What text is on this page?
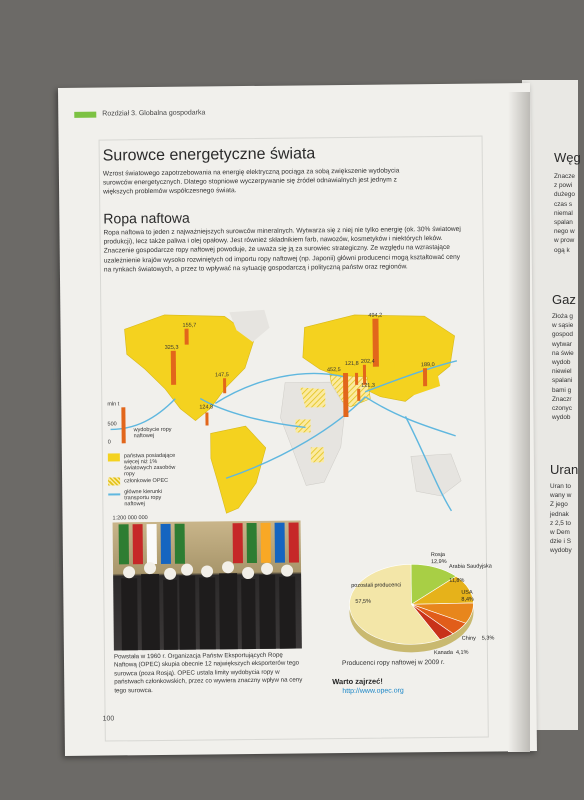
Węg
Znacze
z powi
dużego
czas s
niemal
spalan
nego w
w prow
ogą k
Gaz
Złoża g
w sąsie
gospod
wytwar
na świe
wydob
niewiel
spalani
bami g
Znaczr
czonyc
wydob
Uran
Uran to
wany w
Z jego
jednak
z 2,5 to
w Dem
dzie i S
wydoby
Rozdział 3. Globalna gospodarka
Surowce energetyczne świata
Wzrost światowego zapotrzebowania na energię elektryczną pociąga za sobą zwiększenie wydobycia surowców energetycznych. Dlatego stopniowe wyczerpywanie się źródeł odnawialnych jest jednym z większych problemów współczesnego świata.
Ropa naftowa
Ropa naftowa to jeden z najważniejszych surowców mineralnych. Wytwarza się z niej nie tylko energię (ok. 30% światowej produkcji), lecz także paliwa i olej opałowy. Jest również składnikiem farb, nawozów, kosmetyków i niektórych leków. Znaczenie gospodarcze ropy naftowej powoduje, że uważa się ją za surowiec strategiczny. Ze względu na wzrastające uzależnienie krajów wysoko rozwiniętych od importu ropy naftowej (np. Japonii) główni producenci mogą kształtować ceny na rynkach światowych, a przez to wpływać na sytuację gospodarczą i polityczną państw oraz regionów.
155,7
325,3
147,5
124,8
494,2
452,5
121,8 202,4
121,3
189,0
mln t
500
0
wydobycie ropy naftowej
państwa posiadające więcej niż 1% światowych zasobów ropy
członkowie OPEC
główne kierunki transportu ropy naftowej
1:200 000 000
Powstała w 1960 r. Organizacja Państw Eksportujących Ropę Naftową (OPEC) skupia obecnie 12 największych eksporterów tego surowca (poza Rosją). OPEC ustala limity wydobycia ropy w państwach członkowskich, przez co wywiera znaczny wpływ na ceny tego surowca.
Rosja
12,9%
Arabia Saudyjska
11,8%
USA
8,4%
Chiny 5,3%
Kanada 4,1%
pozostali producenci
57,5%
Producenci ropy naftowej w 2009 r.
Warto zajrzeć!
http://www.opec.org
100
